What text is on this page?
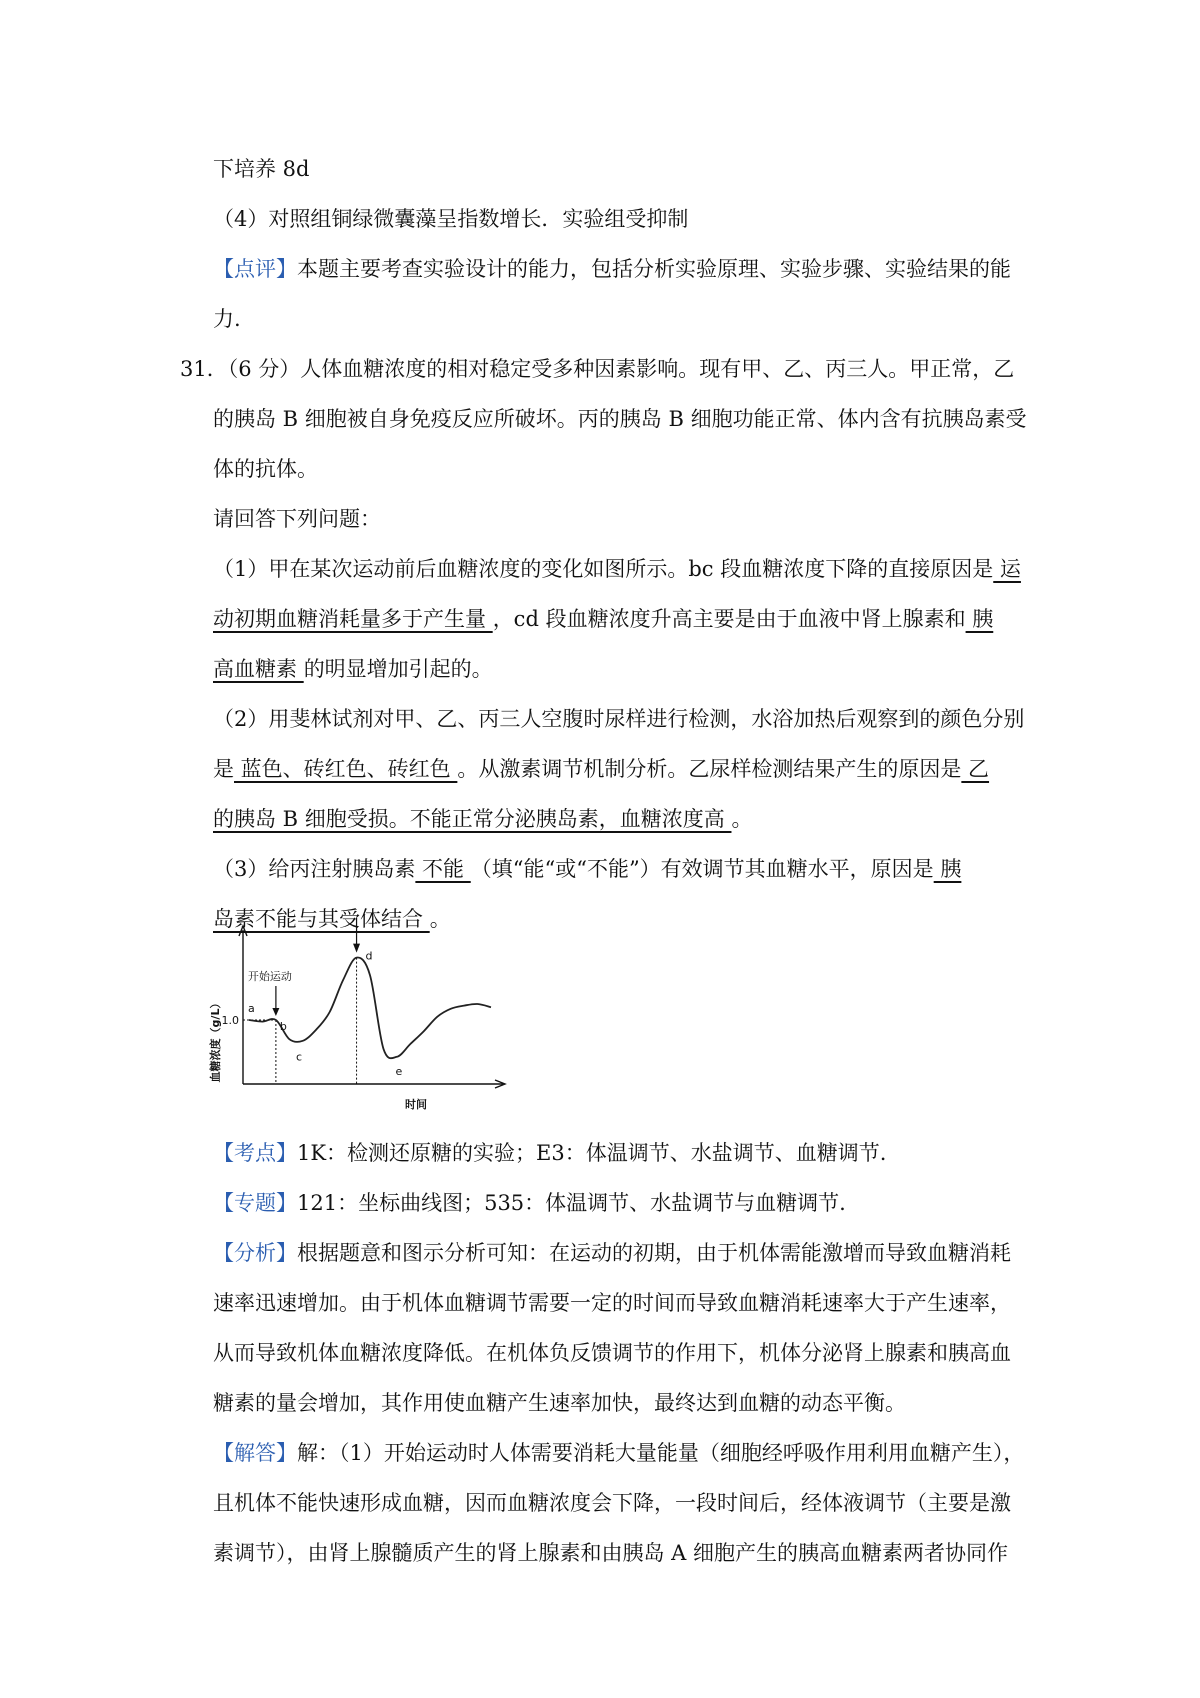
下培养 8d
（4）对照组铜绿微囊藻呈指数增长．实验组受抑制
【点评】本题主要考查实验设计的能力，包括分析实验原理、实验步骤、实验结果的能
力.
31．（6 分）人体血糖浓度的相对稳定受多种因素影响。现有甲、乙、丙三人。甲正常，乙
的胰岛 B 细胞被自身免疫反应所破坏。丙的胰岛 B 细胞功能正常、体内含有抗胰岛素受
体的抗体。
请回答下列问题：
（1）甲在某次运动前后血糖浓度的变化如图所示。bc 段血糖浓度下降的直接原因是 运
动初期血糖消耗量多于产生量 ，cd 段血糖浓度升高主要是由于血液中肾上腺素和 胰
高血糖素 的明显增加引起的。
（2）用斐林试剂对甲、乙、丙三人空腹时尿样进行检测，水浴加热后观察到的颜色分别
是 蓝色、砖红色、砖红色 。从激素调节机制分析。乙尿样检测结果产生的原因是 乙
的胰岛 B 细胞受损。不能正常分泌胰岛素，血糖浓度高 。
（3）给丙注射胰岛素 不能 （填“能“或“不能”）有效调节其血糖水平，原因是 胰
岛素不能与其受体结合 。
1.0
a
b
c
d
e
开始运动
血糖浓度（g/L）
时间
【考点】1K：检测还原糖的实验；E3：体温调节、水盐调节、血糖调节.
【专题】121：坐标曲线图；535：体温调节、水盐调节与血糖调节.
【分析】根据题意和图示分析可知：在运动的初期，由于机体需能激增而导致血糖消耗
速率迅速增加。由于机体血糖调节需要一定的时间而导致血糖消耗速率大于产生速率，
从而导致机体血糖浓度降低。在机体负反馈调节的作用下，机体分泌肾上腺素和胰高血
糖素的量会增加，其作用使血糖产生速率加快，最终达到血糖的动态平衡。
【解答】解：（1）开始运动时人体需要消耗大量能量（细胞经呼吸作用利用血糖产生），
且机体不能快速形成血糖，因而血糖浓度会下降，一段时间后，经体液调节（主要是激
素调节），由肾上腺髓质产生的肾上腺素和由胰岛 A 细胞产生的胰高血糖素两者协同作
